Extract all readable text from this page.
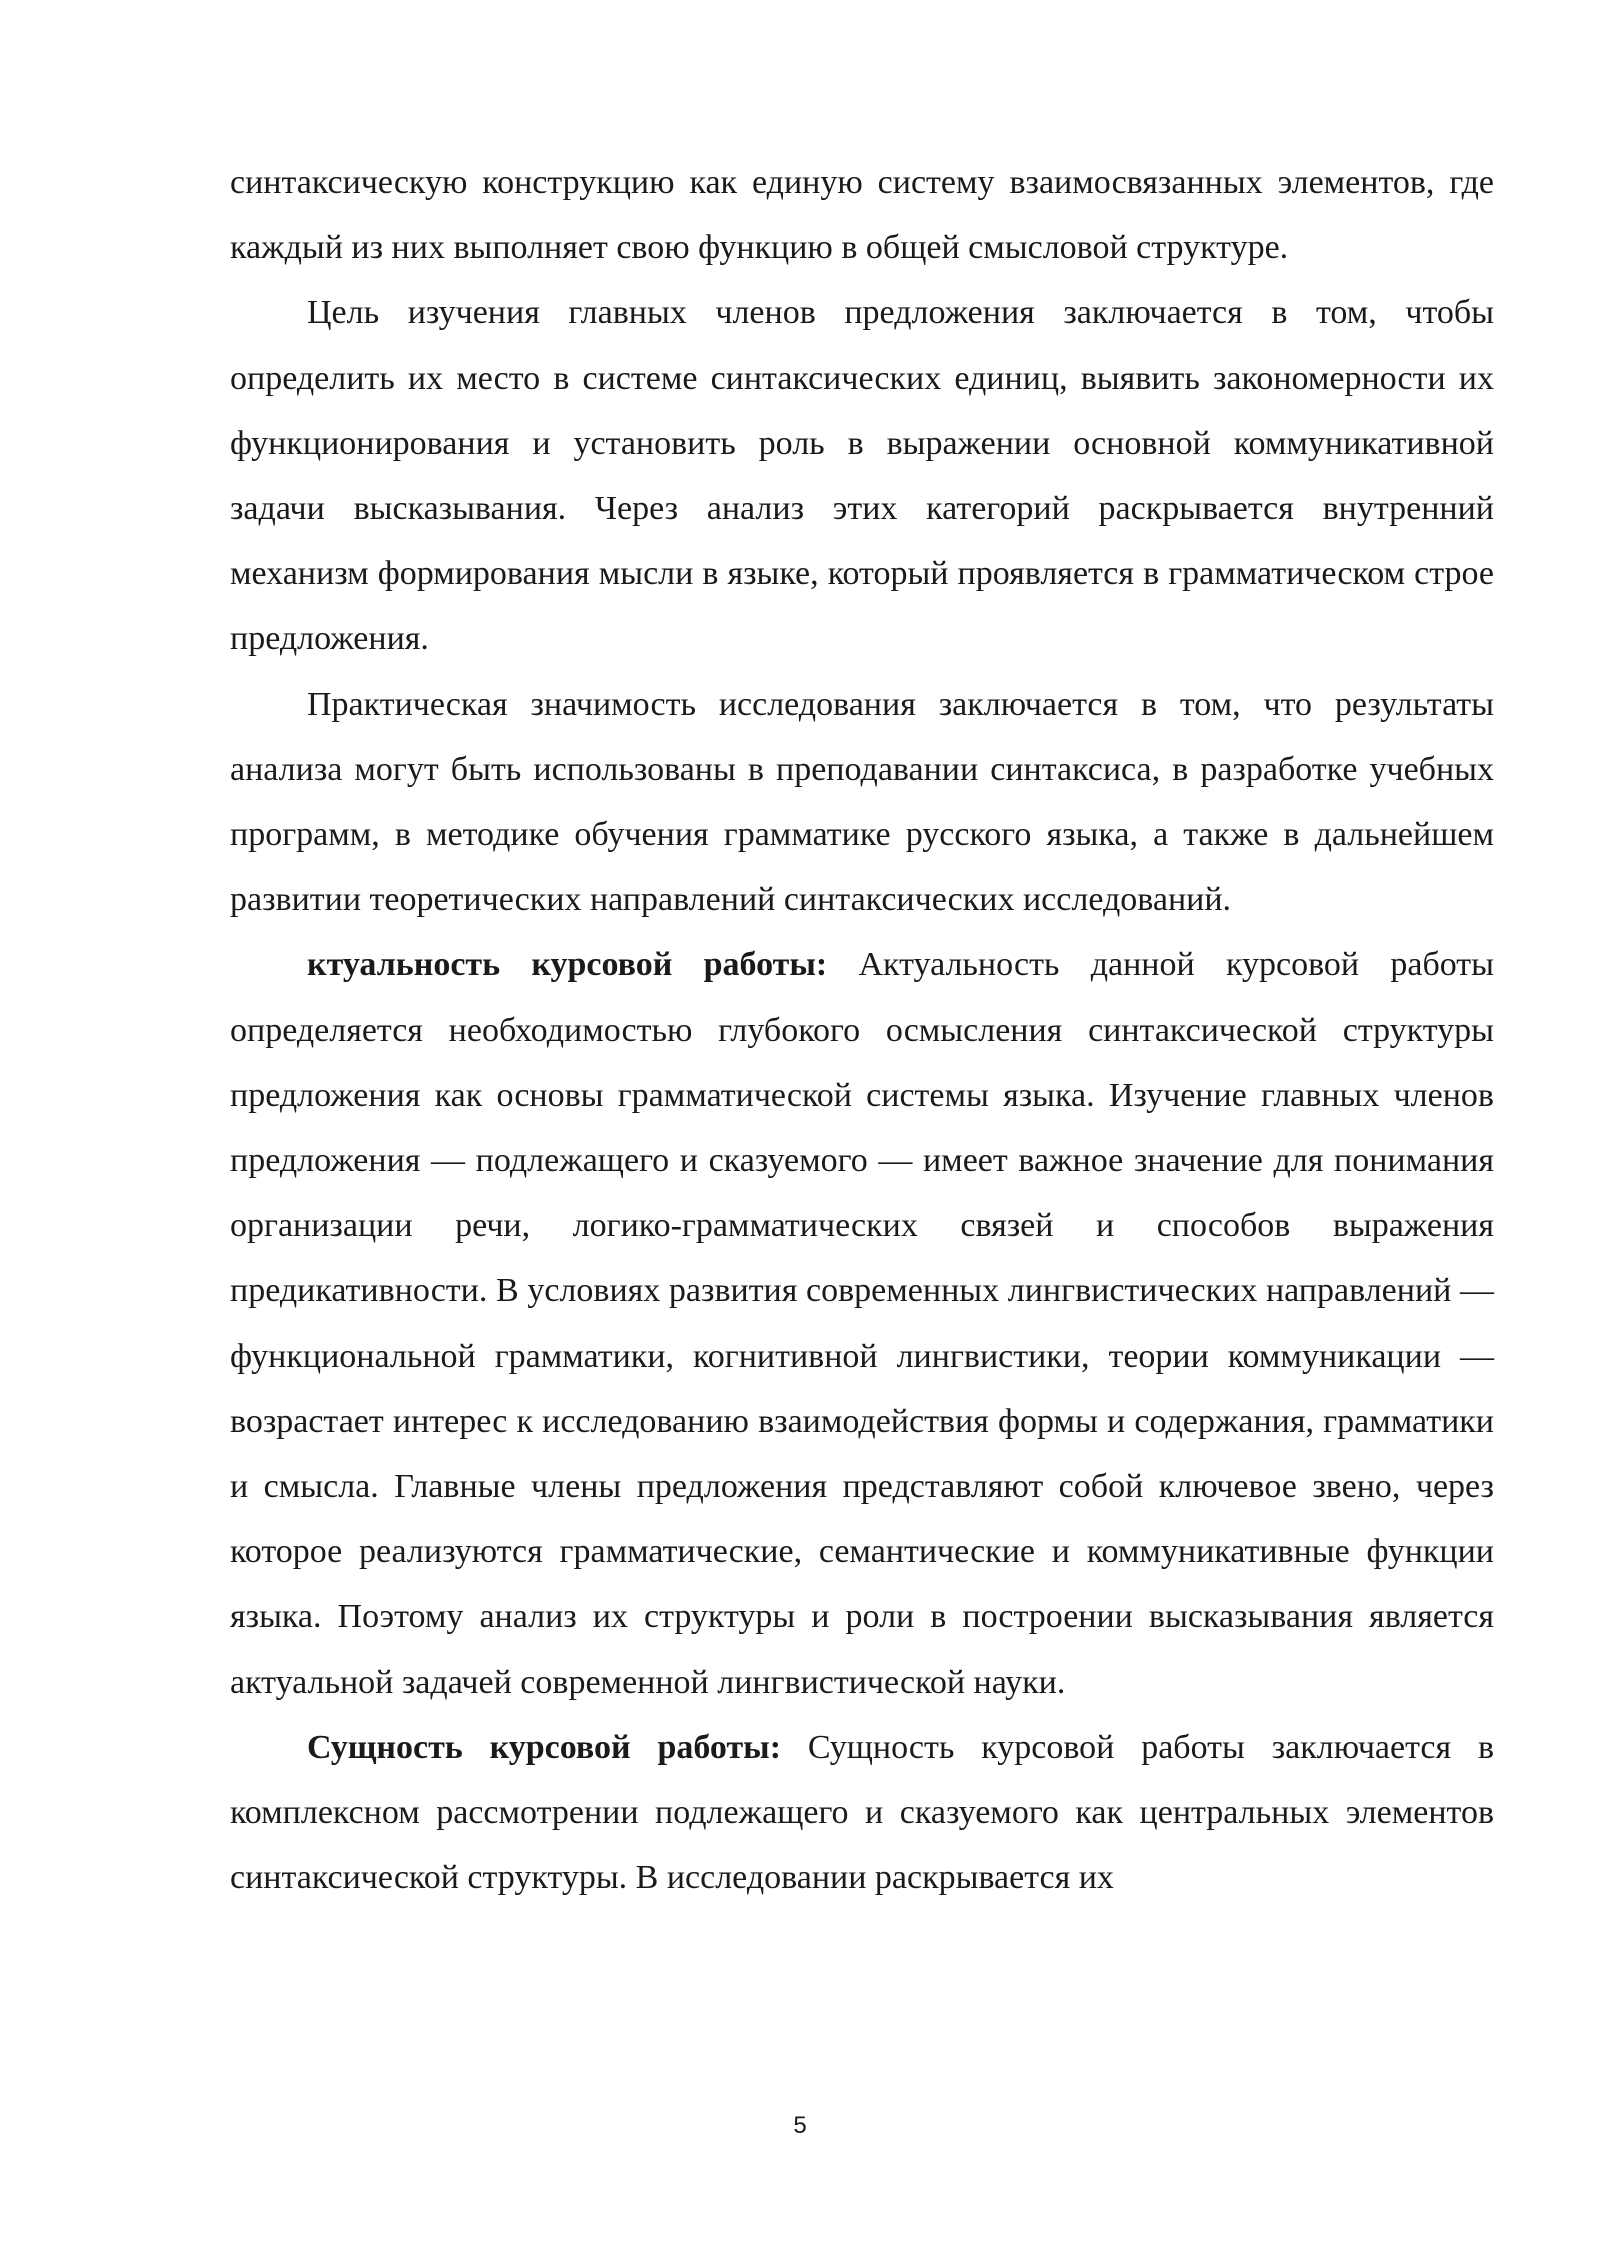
синтаксическую конструкцию как единую систему взаимосвязанных элементов, где каждый из них выполняет свою функцию в общей смысловой структуре.

Цель изучения главных членов предложения заключается в том, чтобы определить их место в системе синтаксических единиц, выявить закономерности их функционирования и установить роль в выражении основной коммуникативной задачи высказывания. Через анализ этих категорий раскрывается внутренний механизм формирования мысли в языке, который проявляется в грамматическом строе предложения.

Практическая значимость исследования заключается в том, что результаты анализа могут быть использованы в преподавании синтаксиса, в разработке учебных программ, в методике обучения грамматике русского языка, а также в дальнейшем развитии теоретических направлений синтаксических исследований.

ктуальность курсовой работы: Актуальность данной курсовой работы определяется необходимостью глубокого осмысления синтаксической структуры предложения как основы грамматической системы языка. Изучение главных членов предложения — подлежащего и сказуемого — имеет важное значение для понимания организации речи, логико-грамматических связей и способов выражения предикативности. В условиях развития современных лингвистических направлений — функциональной грамматики, когнитивной лингвистики, теории коммуникации — возрастает интерес к исследованию взаимодействия формы и содержания, грамматики и смысла. Главные члены предложения представляют собой ключевое звено, через которое реализуются грамматические, семантические и коммуникативные функции языка. Поэтому анализ их структуры и роли в построении высказывания является актуальной задачей современной лингвистической науки.

Сущность курсовой работы: Сущность курсовой работы заключается в комплексном рассмотрении подлежащего и сказуемого как центральных элементов синтаксической структуры. В исследовании раскрывается их

5
